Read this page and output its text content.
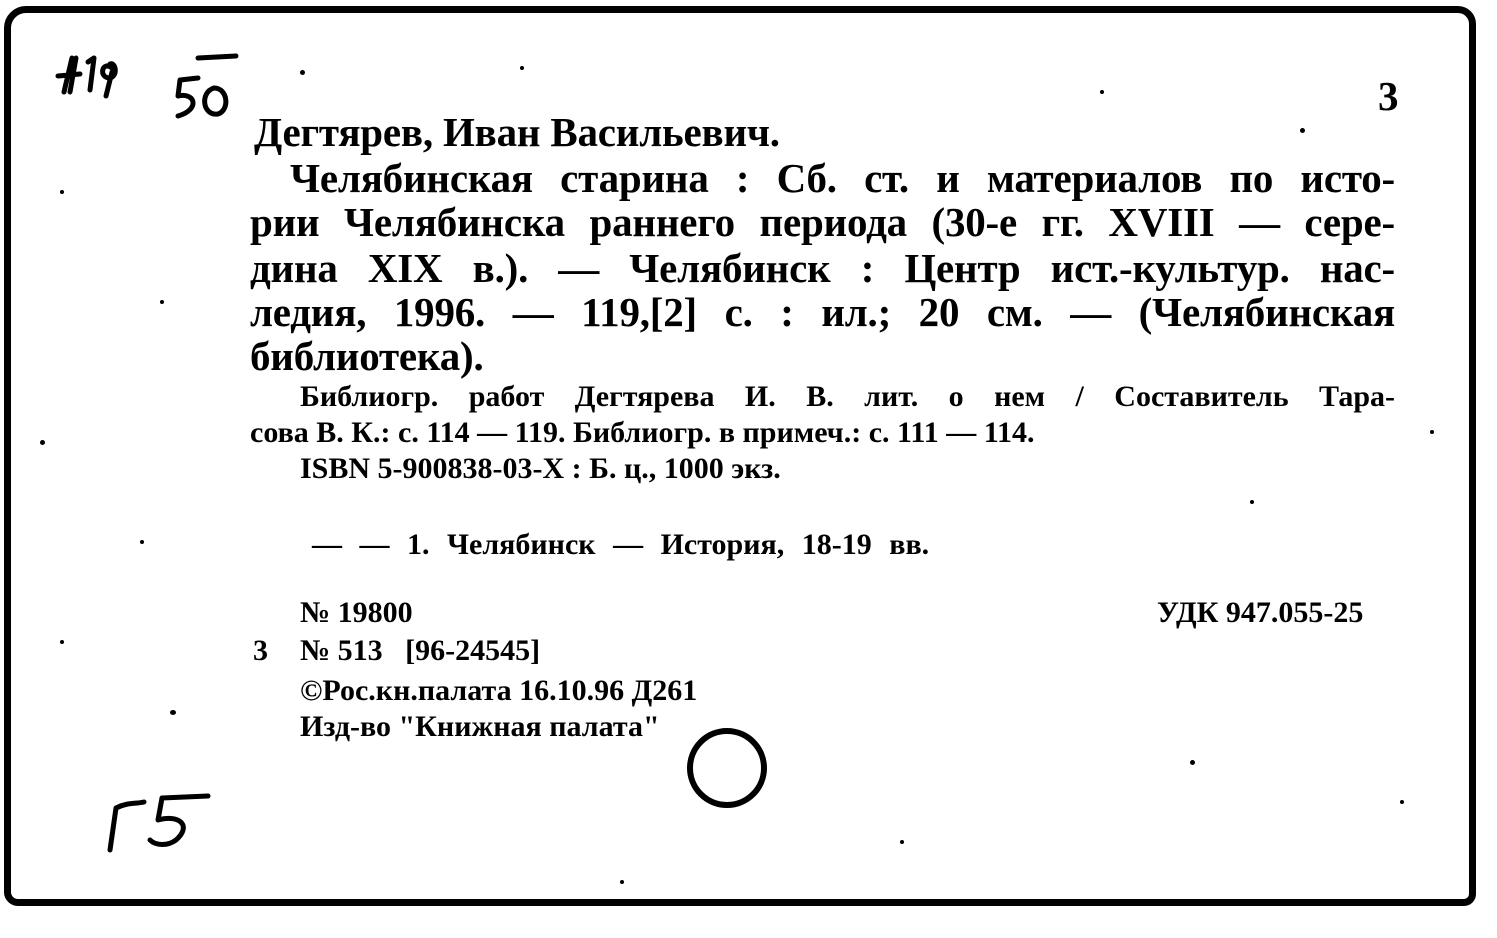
3
Дегтярев, Иван Васильевич.
Челябинская старина : Сб. ст. и материалов по исто-
рии Челябинска раннего периода (30-е гг. XVIII — сере-
дина XIX в.). — Челябинск : Центр ист.-культур. нас-
ледия, 1996. — 119,[2] с. : ил.; 20 см. — (Челябинская
библиотека).
Библиогр. работ Дегтярева И. В. лит. о нем / Составитель Тара-
сова В. К.: с. 114 — 119. Библиогр. в примеч.: с. 111 — 114.
ISBN 5-900838-03-X : Б. ц., 1000 экз.
— — 1. Челябинск — История, 18-19 вв.
№ 19800	УДК 947.055-25
3 № 513   [96-24545]
©Рос.кн.палата 16.10.96 Д261
Изд-во "Книжная палата"
